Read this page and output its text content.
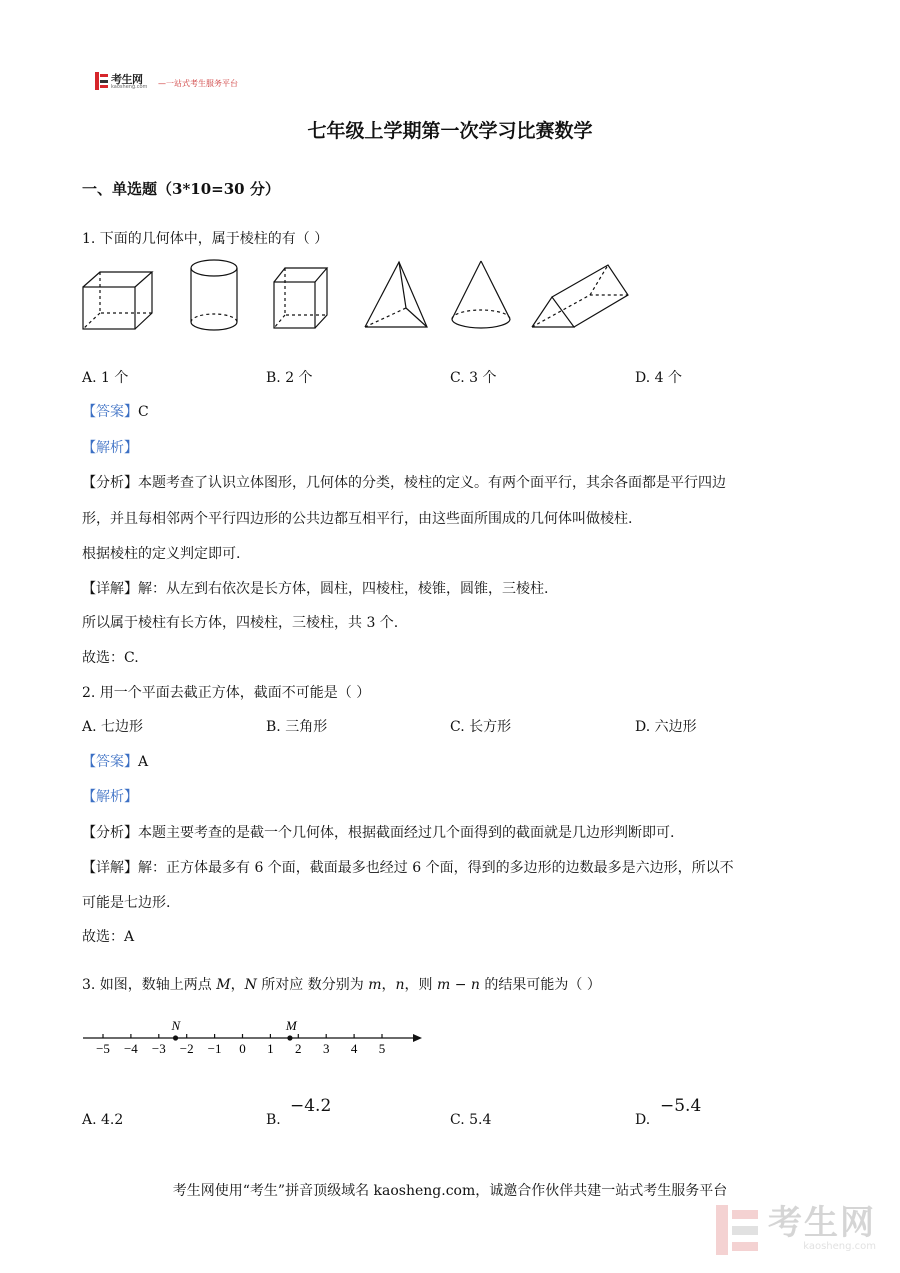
考生网
kaosheng.com —一站式考生服务平台
七年级上学期第一次学习比赛数学
一、单选题（3*10=30 分）
1. 下面的几何体中，属于棱柱的有（ ）
A. 1 个	B. 2 个	C. 3 个	D. 4 个
【答案】C
【解析】
【分析】本题考查了认识立体图形，几何体的分类，棱柱的定义。有两个面平行，其余各面都是平行四边
形，并且每相邻两个平行四边形的公共边都互相平行，由这些面所围成的几何体叫做棱柱.
根据棱柱的定义判定即可.
【详解】解：从左到右依次是长方体，圆柱，四棱柱，棱锥，圆锥，三棱柱.
所以属于棱柱有长方体，四棱柱，三棱柱，共 3 个.
故选：C.
2. 用一个平面去截正方体，截面不可能是（ ）
A. 七边形	B. 三角形	C. 长方形	D. 六边形
【答案】A
【解析】
【分析】本题主要考查的是截一个几何体，根据截面经过几个面得到的截面就是几边形判断即可.
【详解】解：正方体最多有 6 个面，截面最多也经过 6 个面，得到的多边形的边数最多是六边形，所以不
可能是七边形.
故选：A
3. 如图，数轴上两点 M，N 所对应 数分别为 m，n，则 m − n 的结果可能为（ ）
−5 −4 −3 −2 −1 0 1 2 3 4 5
N	M
A. 4.2	B.
−4.2
C. 5.4	D.
−5.4
考生网使用“考生”拼音顶级域名 kaosheng.com，诚邀合作伙伴共建一站式考生服务平台
考生网
kaosheng.com
